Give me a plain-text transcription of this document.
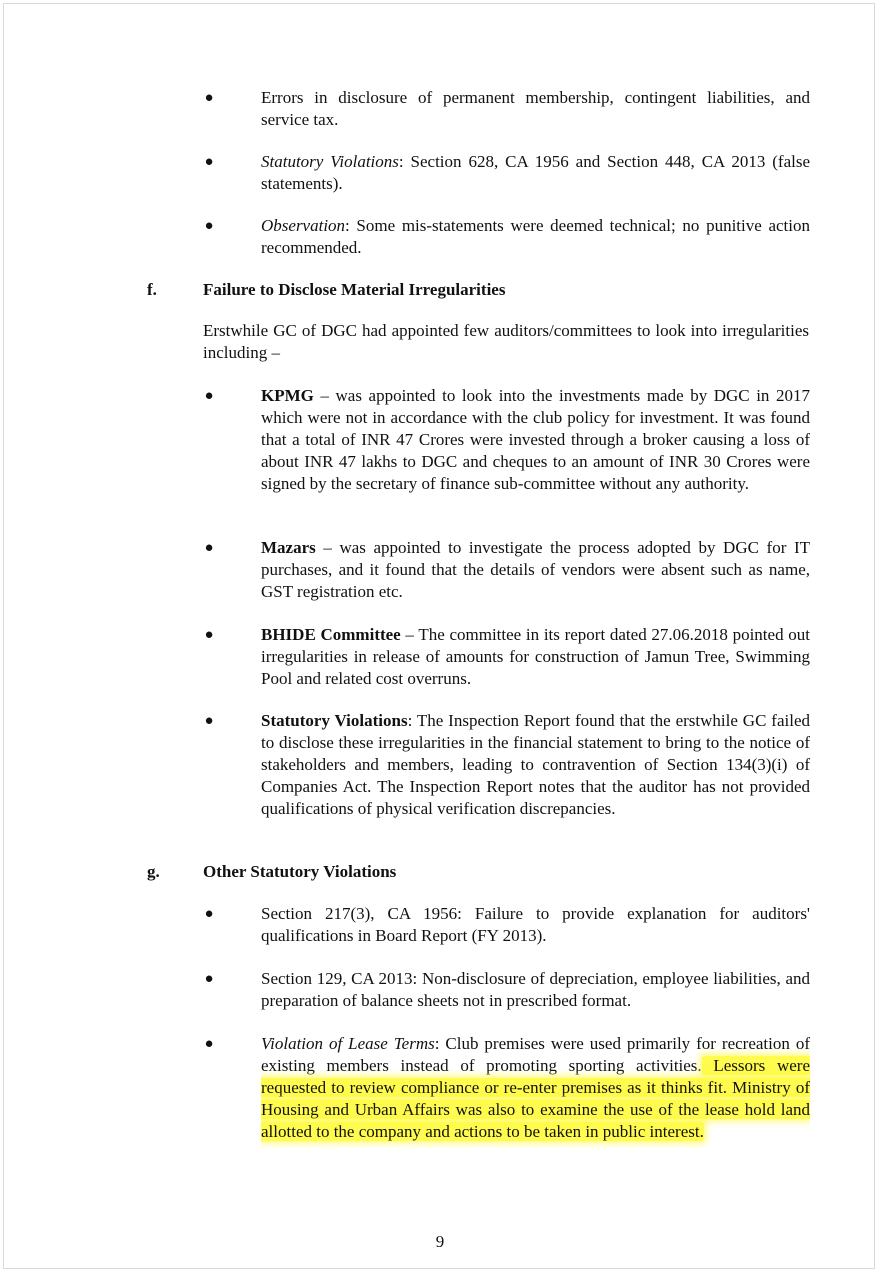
●	Errors in disclosure of permanent membership, contingent liabilities, and service tax.
●	Statutory Violations: Section 628, CA 1956 and Section 448, CA 2013 (false statements).
●	Observation: Some mis-statements were deemed technical; no punitive action recommended.
f.	Failure to Disclose Material Irregularities
Erstwhile GC of DGC had appointed few auditors/committees to look into irregularities including –
●	KPMG – was appointed to look into the investments made by DGC in 2017 which were not in accordance with the club policy for investment. It was found that a total of INR 47 Crores were invested through a broker causing a loss of about INR 47 lakhs to DGC and cheques to an amount of INR 30 Crores were signed by the secretary of finance sub-committee without any authority.
●	Mazars – was appointed to investigate the process adopted by DGC for IT purchases, and it found that the details of vendors were absent such as name, GST registration etc.
●	BHIDE Committee – The committee in its report dated 27.06.2018 pointed out irregularities in release of amounts for construction of Jamun Tree, Swimming Pool and related cost overruns.
●	Statutory Violations: The Inspection Report found that the erstwhile GC failed to disclose these irregularities in the financial statement to bring to the notice of stakeholders and members, leading to contravention of Section 134(3)(i) of Companies Act. The Inspection Report notes that the auditor has not provided qualifications of physical verification discrepancies.
g.	Other Statutory Violations
●	Section 217(3), CA 1956: Failure to provide explanation for auditors' qualifications in Board Report (FY 2013).
●	Section 129, CA 2013: Non-disclosure of depreciation, employee liabilities, and preparation of balance sheets not in prescribed format.
●	Violation of Lease Terms: Club premises were used primarily for recreation of existing members instead of promoting sporting activities. Lessors were requested to review compliance or re-enter premises as it thinks fit. Ministry of Housing and Urban Affairs was also to examine the use of the lease hold land allotted to the company and actions to be taken in public interest.
9
